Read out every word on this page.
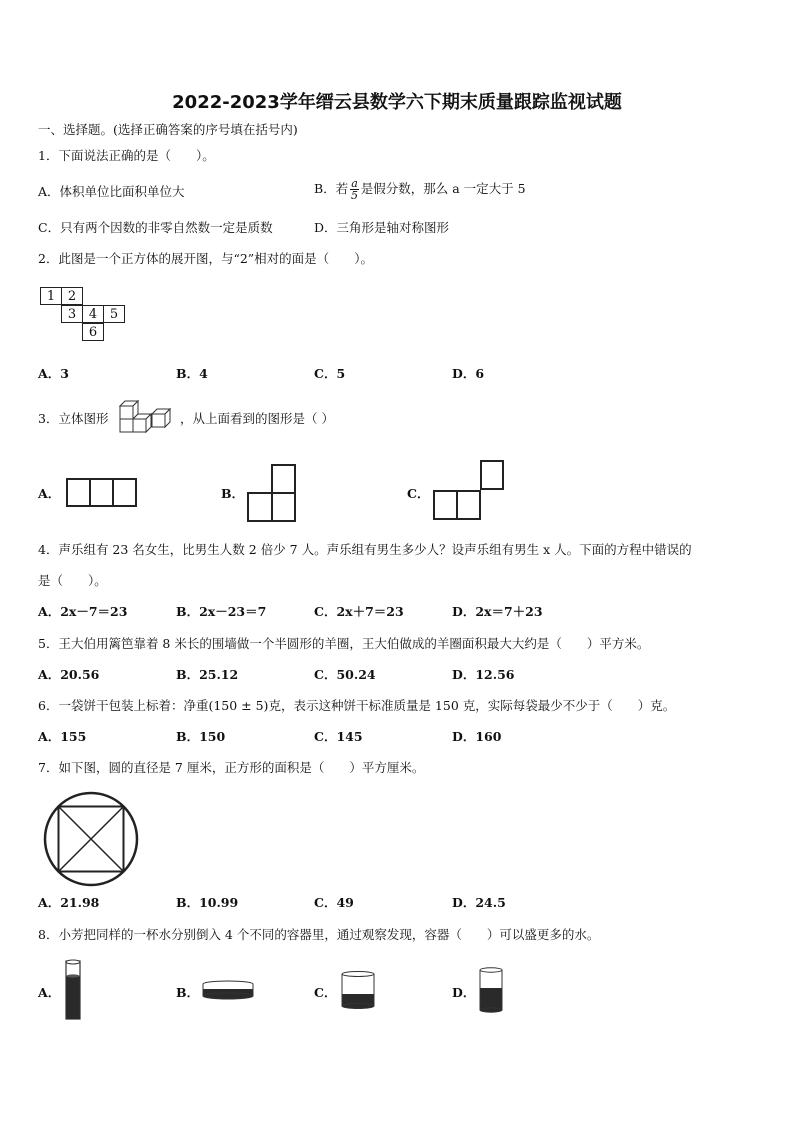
2022-2023学年缙云县数学六下期末质量跟踪监视试题
一、选择题。(选择正确答案的序号填在括号内)
1．下面说法正确的是（　　）。
A．体积单位比面积单位大	B．若 $\frac{a}{5}$ 是假分数，那么 a 一定大于 5
C．只有两个因数的非零自然数一定是质数	D．三角形是轴对称图形
2．此图是一个正方体的展开图，与“2”相对的面是（　　）。
1 2
3 4 5
6
A．3	B．4	C．5	D．6
3．立体图形	，从上面看到的图形是（ ）
A．	B．	C．
4．声乐组有 23 名女生，比男生人数 2 倍少 7 人。声乐组有男生多少人？设声乐组有男生 x 人。下面的方程中错误的
是（　　）。
A．2x－7＝23	B．2x－23＝7	C．2x＋7＝23	D．2x＝7＋23
5．王大伯用篱笆靠着 8 米长的围墙做一个半圆形的羊圈，王大伯做成的羊圈面积最大大约是（　　）平方米。
A．20.56	B．25.12	C．50.24	D．12.56
6．一袋饼干包装上标着：净重(150 ± 5)克，表示这种饼干标准质量是 150 克，实际每袋最少不少于（　　）克。
A．155	B．150	C．145	D．160
7．如下图，圆的直径是 7 厘米，正方形的面积是（　　）平方厘米。
A．21.98	B．10.99	C．49	D．24.5
8．小芳把同样的一杯水分别倒入 4 个不同的容器里，通过观察发现，容器（　　）可以盛更多的水。
A．	B．	C．	D．
